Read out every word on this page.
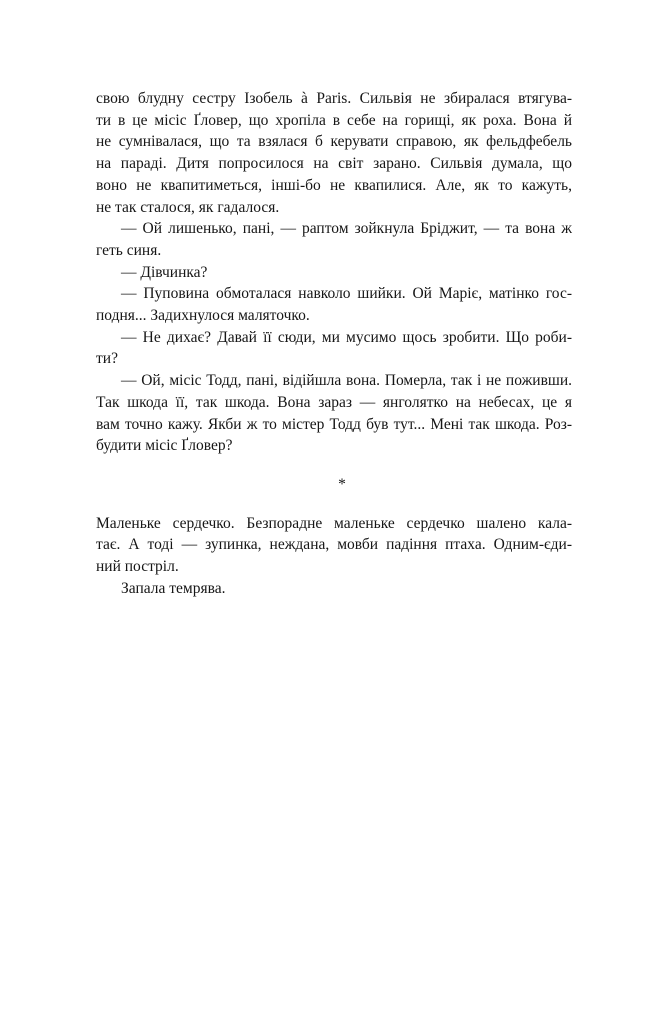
свою блудну сестру Ізобель à Paris. Сильвія не збиралася втягува-
ти в це місіс Ґловер, що хропіла в себе на горищі, як роха. Вона й
не сумнівалася, що та взялася б керувати справою, як фельдфебель
на параді. Дитя попросилося на світ зарано. Сильвія думала, що
воно не квапитиметься, інші-бо не квапилися. Але, як то кажуть,
не так сталося, як гадалося.
— Ой лишенько, пані, — раптом зойкнула Бріджит, — та вона ж
геть синя.
— Дівчинка?
— Пуповина обмоталася навколо шийки. Ой Маріє, матінко гос-
подня... Задихнулося маляточко.
— Не дихає? Давай її сюди, ми мусимо щось зробити. Що роби-
ти?
— Ой, місіс Тодд, пані, відійшла вона. Померла, так і не поживши.
Так шкода її, так шкода. Вона зараз — янголятко на небесах, це я
вам точно кажу. Якби ж то містер Тодд був тут... Мені так шкода. Роз-
будити місіс Ґловер?
*
Маленьке сердечко. Безпорадне маленьке сердечко шалено кала-
тає. А тоді — зупинка, неждана, мовби падіння птаха. Одним-єди-
ний постріл.
Запала темрява.
